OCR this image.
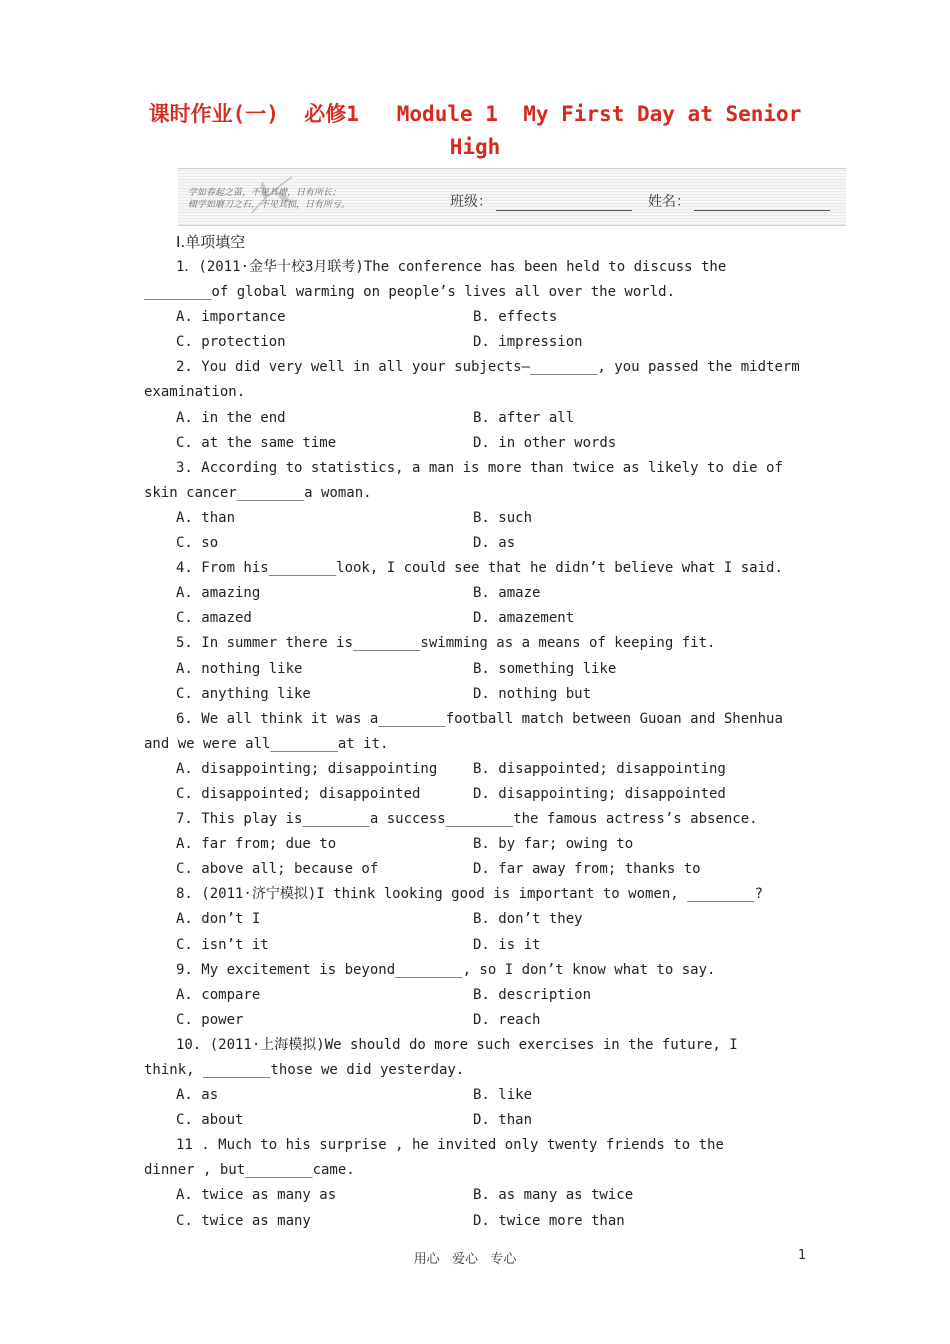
课时作业(一)  必修1   Module 1  My First Day at Senior
High
学如春起之苗，不见其增，日有所长；
辍学如磨刀之石，不见其损，日有所亏。	班级：	姓名：
Ⅰ.单项填空
1．(2011·金华十校3月联考)The conference has been held to discuss the
________of global warming on people’s lives all over the world.
A. importance	B. effects
C. protection	D. impression
2. You did very well in all your subjects—________, you passed the midterm
examination.
A. in the end	B. after all
C. at the same time	D. in other words
3. According to statistics, a man is more than twice as likely to die of
skin cancer________a woman.
A. than	B. such
C. so	D. as
4. From his________look, I could see that he didn’t believe what I said.
A. amazing	B. amaze
C. amazed	D. amazement
5. In summer there is________swimming as a means of keeping fit.
A. nothing like	B. something like
C. anything like	D. nothing but
6. We all think it was a________football match between Guoan and Shenhua
and we were all________at it.
A. disappointing; disappointing	B. disappointed; disappointing
C. disappointed; disappointed	D. disappointing; disappointed
7. This play is________a success________the famous actress’s absence.
A. far from; due to	B. by far; owing to
C. above all; because of	D. far away from; thanks to
8. (2011·济宁模拟)I think looking good is important to women, ________?
A. don’t I	B. don’t they
C. isn’t it	D. is it
9. My excitement is beyond________, so I don’t know what to say.
A. compare	B. description
C. power	D. reach
10. (2011·上海模拟)We should do more such exercises in the future, I
think, ________those we did yesterday.
A. as	B. like
C. about	D. than
11 . Much to his surprise , he invited only twenty friends to the
dinner , but________came.
A. twice as many as	B. as many as twice
C. twice as many	D. twice more than
用心   爱心   专心	1
